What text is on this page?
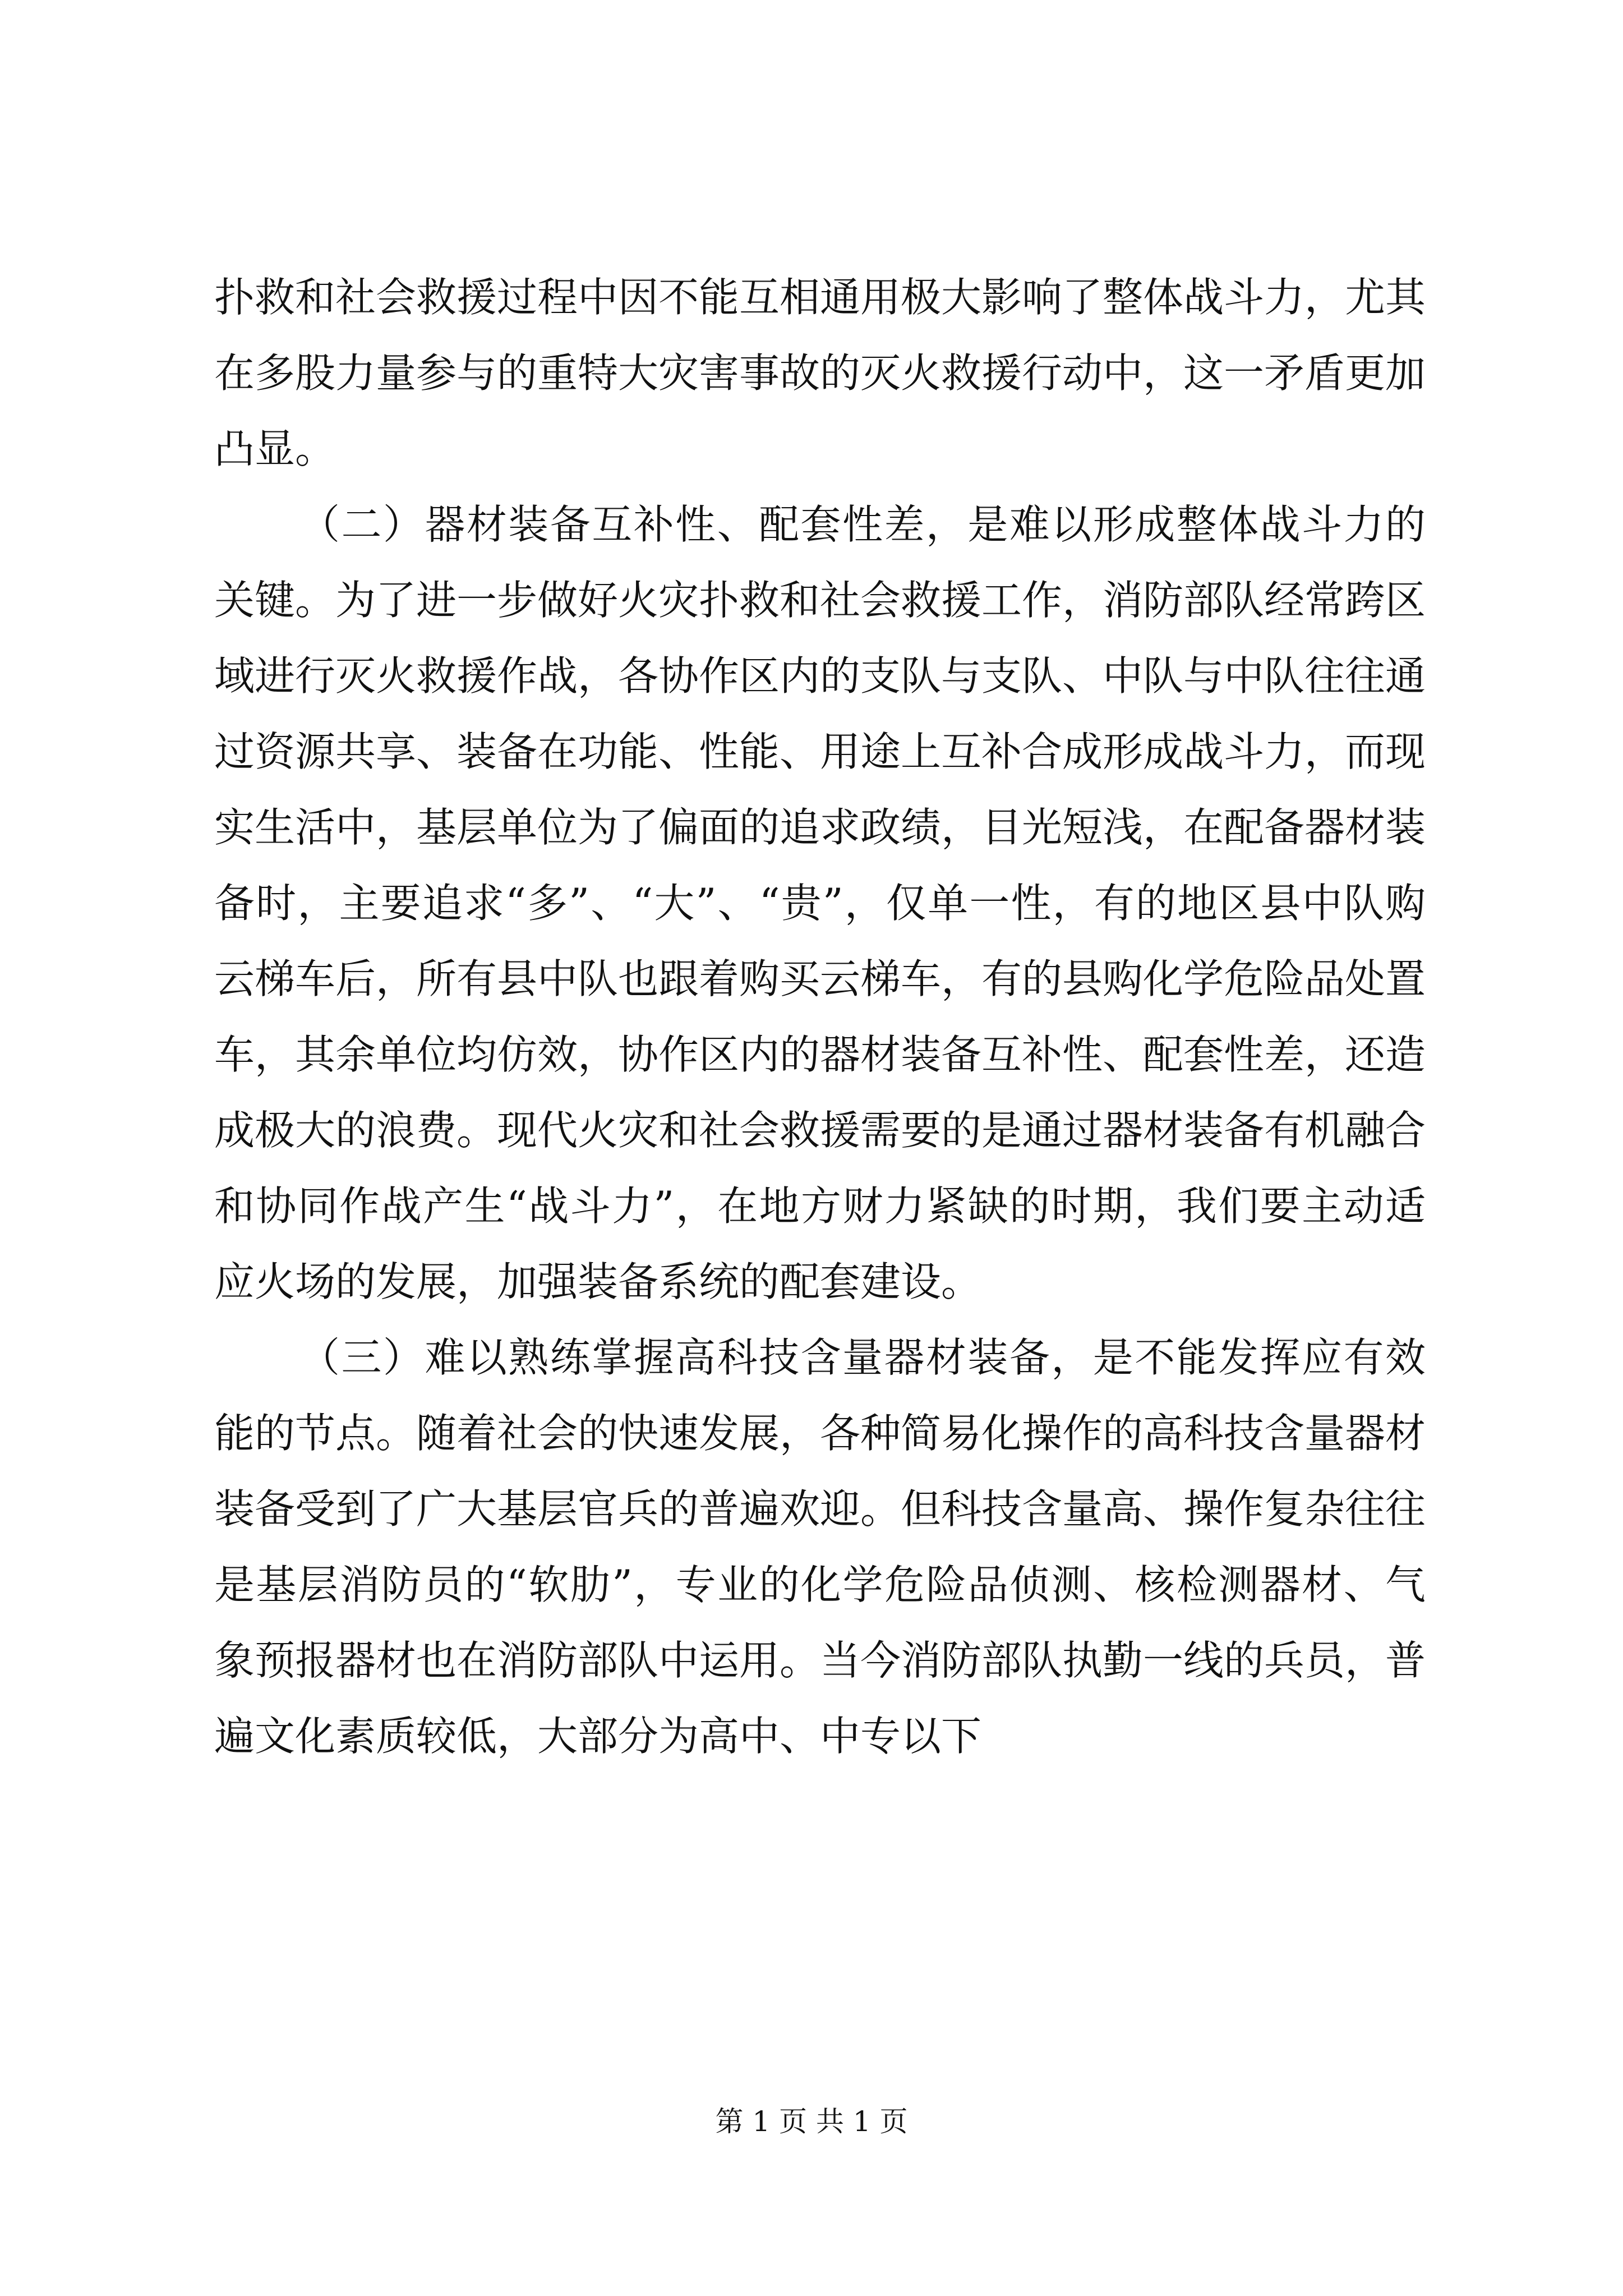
扑救和社会救援过程中因不能互相通用极大影响了整体战斗力，尤其在多股力量参与的重特大灾害事故的灭火救援行动中，这一矛盾更加凸显。

（二）器材装备互补性、配套性差，是难以形成整体战斗力的关键。为了进一步做好火灾扑救和社会救援工作，消防部队经常跨区域进行灭火救援作战，各协作区内的支队与支队、中队与中队往往通过资源共享、装备在功能、性能、用途上互补合成形成战斗力，而现实生活中，基层单位为了偏面的追求政绩，目光短浅，在配备器材装备时，主要追求“多”、“大”、“贵”，仅单一性，有的地区县中队购云梯车后，所有县中队也跟着购买云梯车，有的县购化学危险品处置车，其余单位均仿效，协作区内的器材装备互补性、配套性差，还造成极大的浪费。现代火灾和社会救援需要的是通过器材装备有机融合和协同作战产生“战斗力”，在地方财力紧缺的时期，我们要主动适应火场的发展，加强装备系统的配套建设。

（三）难以熟练掌握高科技含量器材装备，是不能发挥应有效能的节点。随着社会的快速发展，各种简易化操作的高科技含量器材装备受到了广大基层官兵的普遍欢迎。但科技含量高、操作复杂往往是基层消防员的“软肋”，专业的化学危险品侦测、核检测器材、气象预报器材也在消防部队中运用。当今消防部队执勤一线的兵员，普遍文化素质较低，大部分为高中、中专以下

第 1 页 共 1 页
